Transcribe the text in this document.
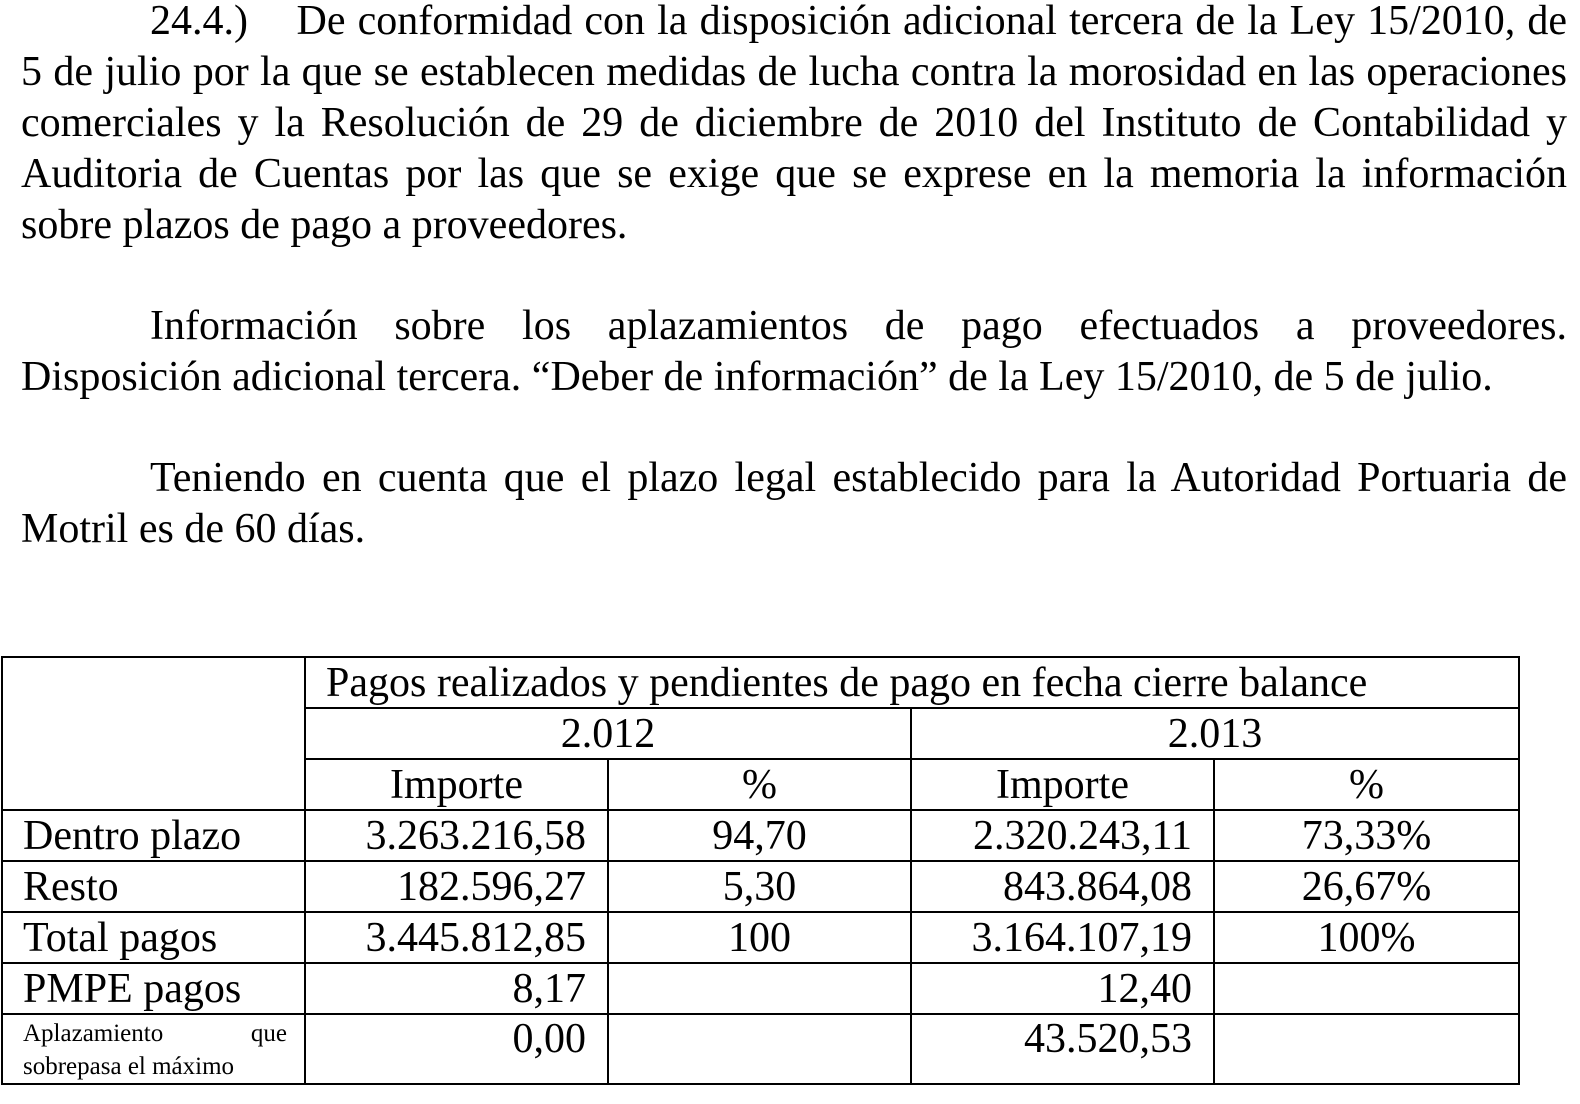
24.4.) De conformidad con la disposición adicional tercera de la Ley 15/2010, de 5 de julio por la que se establecen medidas de lucha contra la morosidad en las operaciones comerciales y la Resolución de 29 de diciembre de 2010 del Instituto de Contabilidad y Auditoria de Cuentas por las que se exige que se exprese en la memoria la información sobre plazos de pago a proveedores.

Información sobre los aplazamientos de pago efectuados a proveedores. Disposición adicional tercera. “Deber de información” de la Ley 15/2010, de 5 de julio.

Teniendo en cuenta que el plazo legal establecido para la Autoridad Portuaria de Motril es de 60 días.

	Pagos realizados y pendientes de pago en fecha cierre balance			
	2.012		2.013	
	Importe	%	Importe	%
Dentro plazo	3.263.216,58	94,70	2.320.243,11	73,33%
Resto	182.596,27	5,30	843.864,08	26,67%
Total pagos	3.445.812,85	100	3.164.107,19	100%
PMPE pagos	8,17		12,40	

Aplazamiento que
sobrepasa el máximo	0,00		43.520,53	
